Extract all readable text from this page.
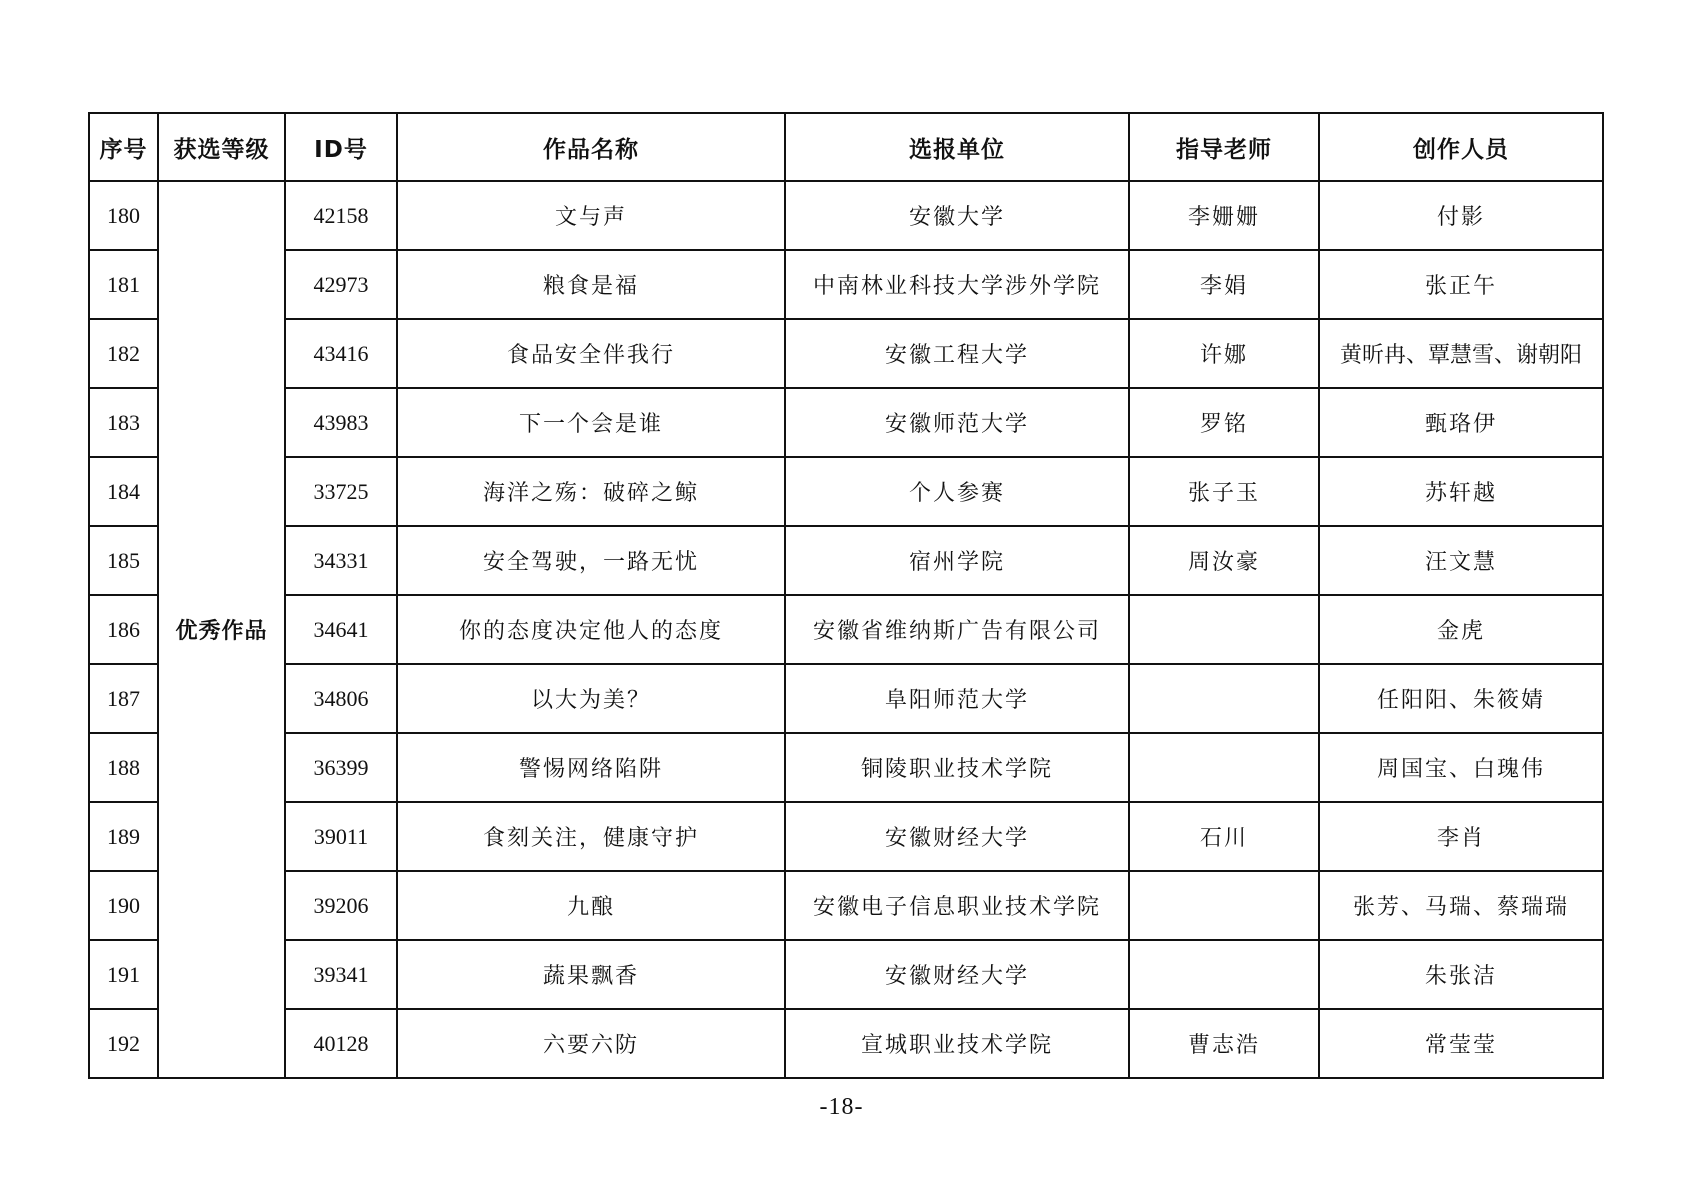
序号	获选等级	ID号	作品名称	选报单位	指导老师	创作人员
180	优秀作品	42158	文与声	安徽大学	李姗姗	付影
181		42973	粮食是福	中南林业科技大学涉外学院	李娟	张正午
182		43416	食品安全伴我行	安徽工程大学	许娜	黄昕冉、覃慧雪、谢朝阳
183		43983	下一个会是谁	安徽师范大学	罗铭	甄珞伊
184		33725	海洋之殇：破碎之鲸	个人参赛	张子玉	苏轩越
185		34331	安全驾驶，一路无忧	宿州学院	周汝豪	汪文慧
186		34641	你的态度决定他人的态度	安徽省维纳斯广告有限公司		金虎
187		34806	以大为美？	阜阳师范大学		任阳阳、朱筱婧
188		36399	警惕网络陷阱	铜陵职业技术学院		周国宝、白瑰伟
189		39011	食刻关注，健康守护	安徽财经大学	石川	李肖
190		39206	九酿	安徽电子信息职业技术学院		张芳、马瑞、蔡瑞瑞
191		39341	蔬果飘香	安徽财经大学		朱张洁
192		40128	六要六防	宣城职业技术学院	曹志浩	常莹莹
-18-
